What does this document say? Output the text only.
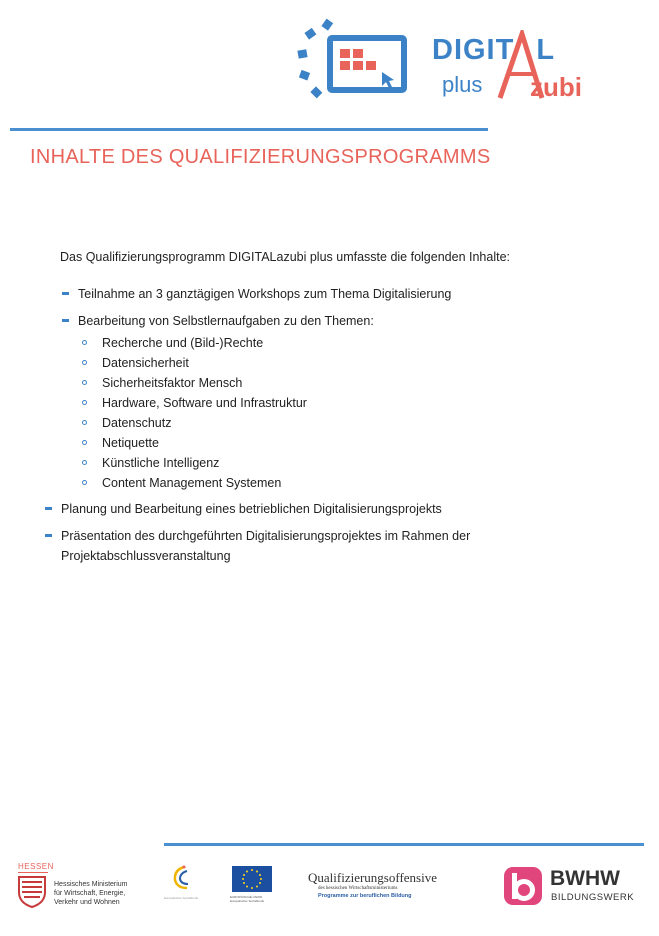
DIGIT L
plus zubi
INHALTE DES QUALIFIZIERUNGSPROGRAMMS
Das Qualifizierungsprogramm DIGITALazubi plus umfasste die folgenden Inhalte:
Teilnahme an 3 ganztägigen Workshops zum Thema Digitalisierung
Bearbeitung von Selbstlernaufgaben zu den Themen:
Recherche und (Bild-)Rechte
Datensicherheit
Sicherheitsfaktor Mensch
Hardware, Software und Infrastruktur
Datenschutz
Netiquette
Künstliche Intelligenz
Content Management Systemen
Planung und Bearbeitung eines betrieblichen Digitalisierungsprojekts
Präsentation des durchgeführten Digitalisierungsprojektes im Rahmen der
Projektabschlussveranstaltung
HESSEN
Hessisches Ministerium
für Wirtschaft, Energie,
Verkehr und Wohnen
Europäischer Sozialfonds	EUROPÄISCHE UNION
Europäischer Sozialfonds
Qualifizierungsoffensive
des hessischen Wirtschaftsministeriums
Programme zur beruflichen Bildung
BWHW
BILDUNGSWERK
